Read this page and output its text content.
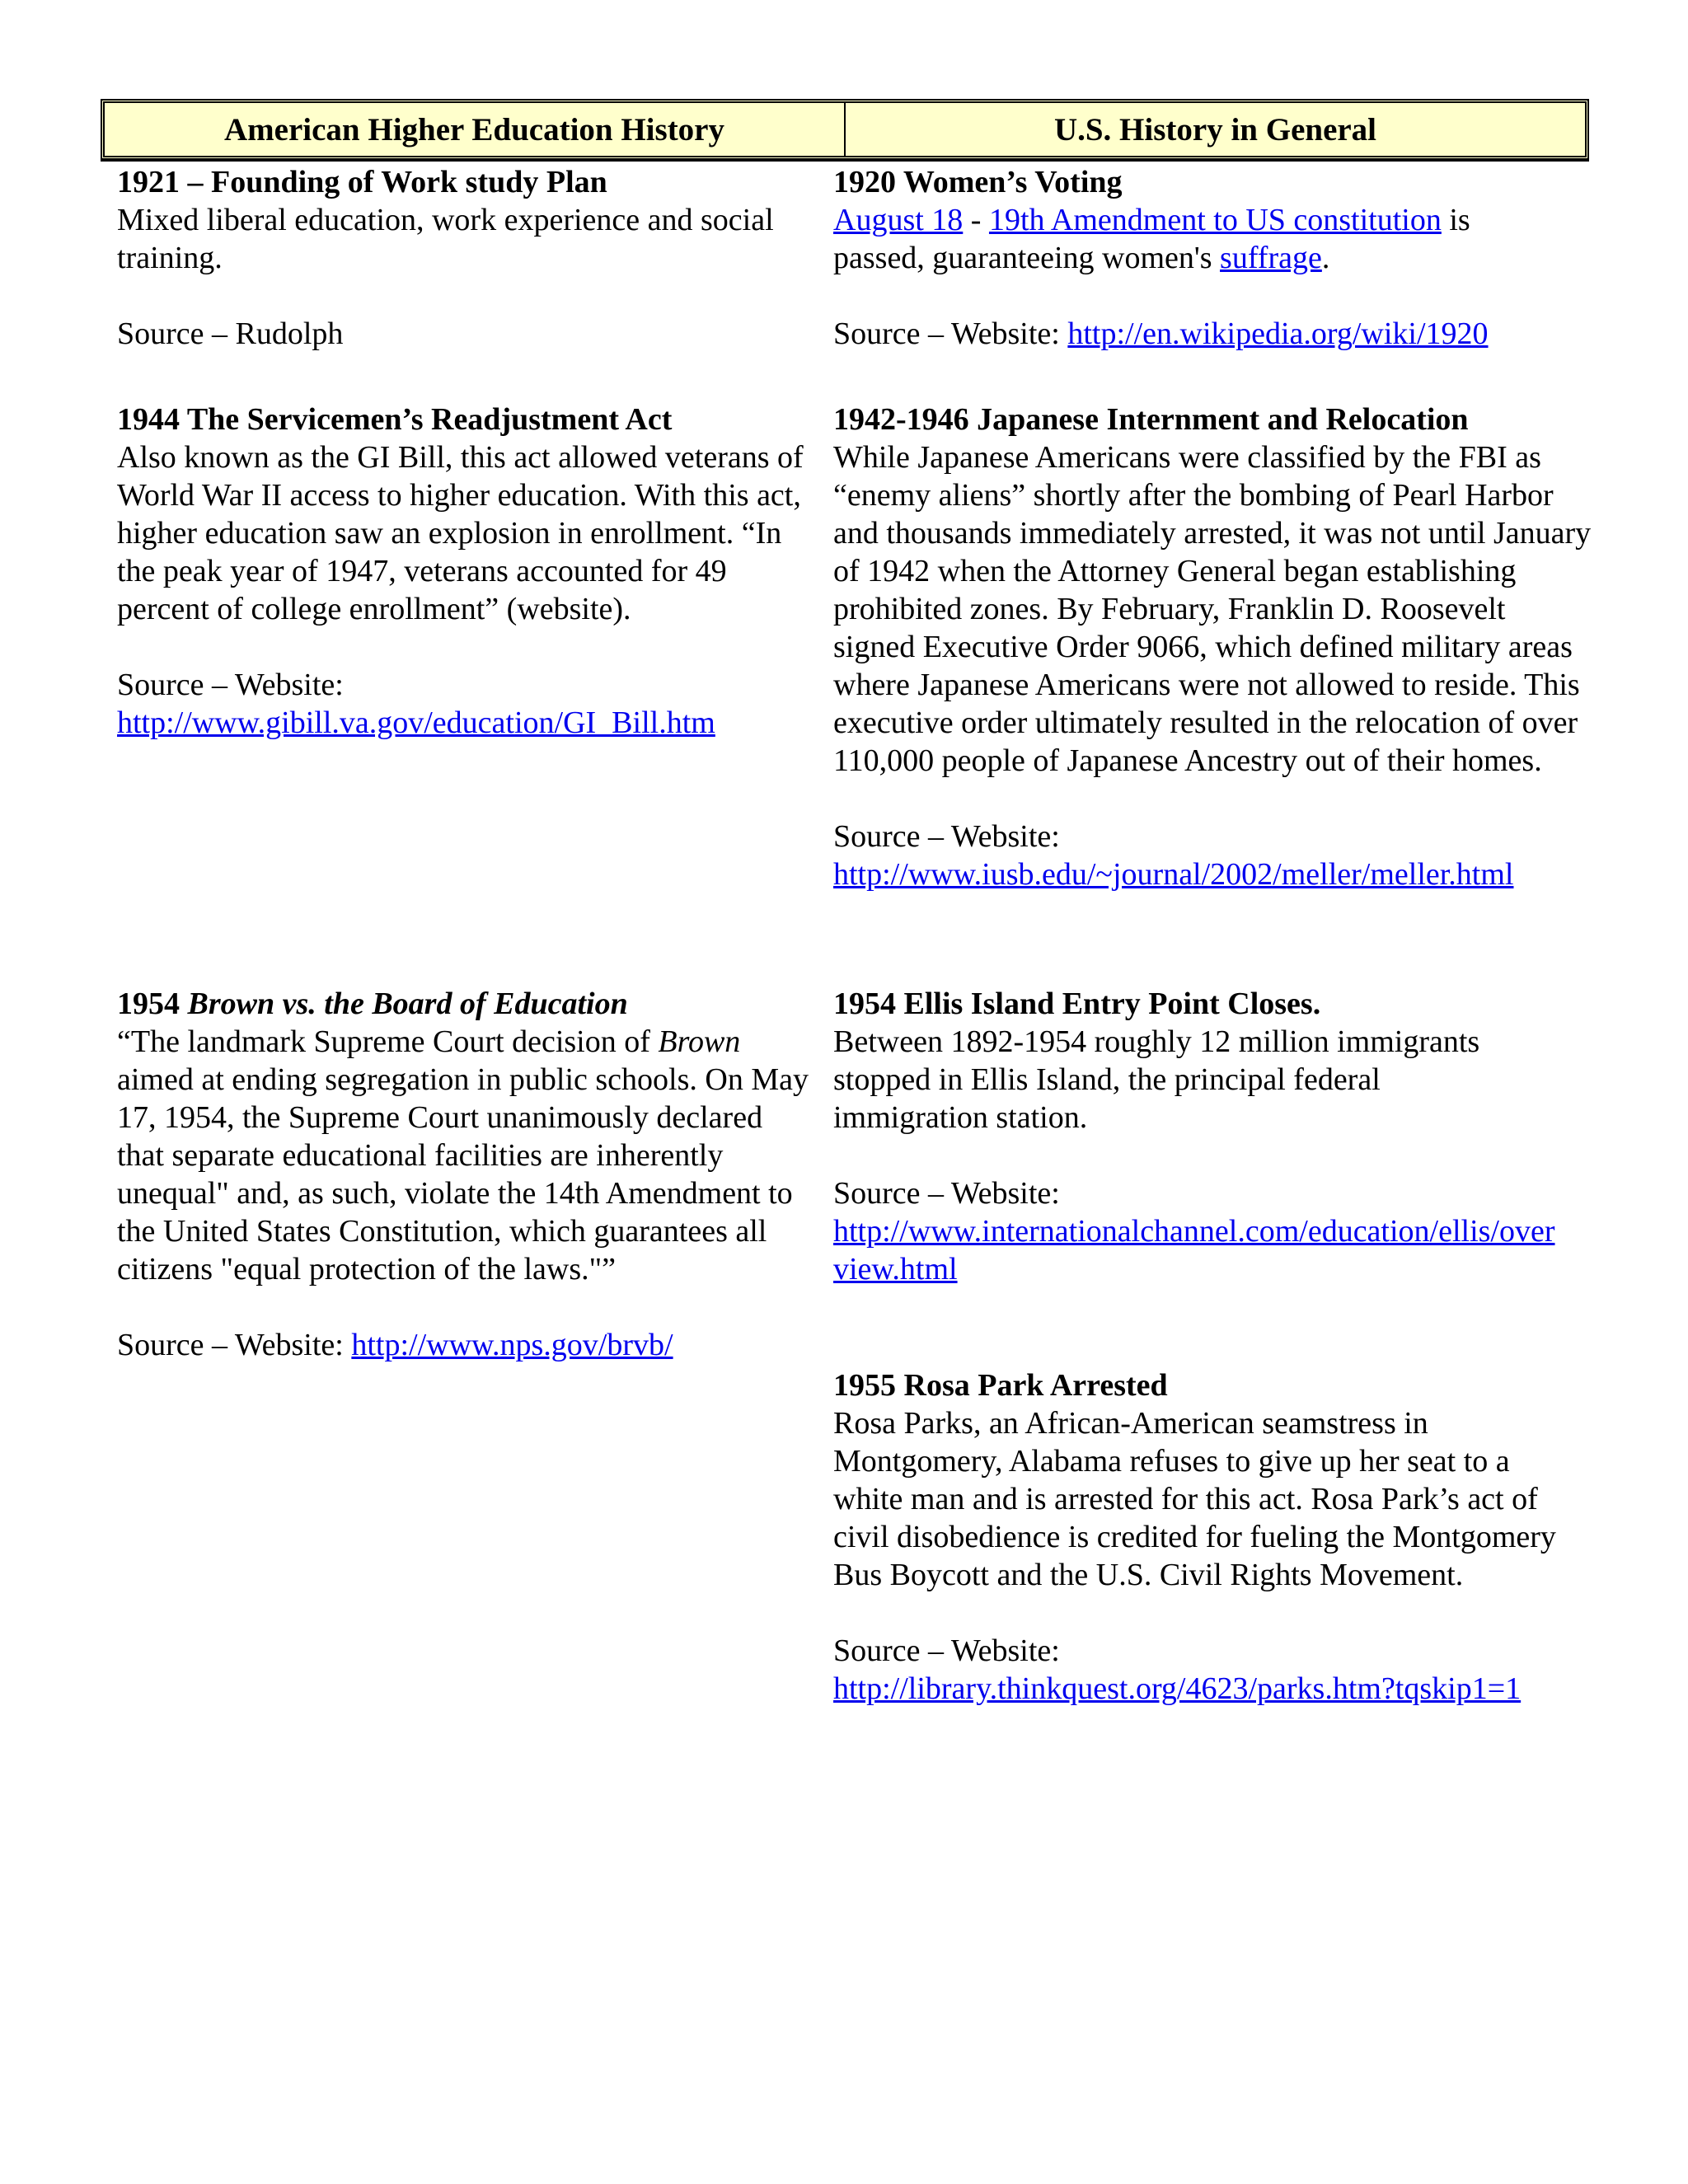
American Higher Education History	U.S. History in General
1921 – Founding of Work study Plan
Mixed liberal education, work experience and social training.
Source – Rudolph
1944 The Servicemen’s Readjustment Act
Also known as the GI Bill, this act allowed veterans of World War II access to higher education. With this act, higher education saw an explosion in enrollment. “In the peak year of 1947, veterans accounted for 49 percent of college enrollment” (website).
Source – Website:
http://www.gibill.va.gov/education/GI_Bill.htm
1954 Brown vs. the Board of Education
“The landmark Supreme Court decision of Brown aimed at ending segregation in public schools. On May 17, 1954, the Supreme Court unanimously declared that separate educational facilities are inherently unequal" and, as such, violate the 14th Amendment to the United States Constitution, which guarantees all citizens "equal protection of the laws."”
Source – Website: http://www.nps.gov/brvb/
1920 Women’s Voting
August 18 - 19th Amendment to US constitution is passed, guaranteeing women's suffrage.
Source – Website: http://en.wikipedia.org/wiki/1920
1942-1946 Japanese Internment and Relocation
While Japanese Americans were classified by the FBI as “enemy aliens” shortly after the bombing of Pearl Harbor and thousands immediately arrested, it was not until January of 1942 when the Attorney General began establishing prohibited zones. By February, Franklin D. Roosevelt signed Executive Order 9066, which defined military areas where Japanese Americans were not allowed to reside. This executive order ultimately resulted in the relocation of over 110,000 people of Japanese Ancestry out of their homes.
Source – Website:
http://www.iusb.edu/~journal/2002/meller/meller.html
1954 Ellis Island Entry Point Closes.
Between 1892-1954 roughly 12 million immigrants stopped in Ellis Island, the principal federal immigration station.
Source – Website:
http://www.internationalchannel.com/education/ellis/overview.html
1955 Rosa Park Arrested
Rosa Parks, an African-American seamstress in Montgomery, Alabama refuses to give up her seat to a white man and is arrested for this act. Rosa Park’s act of civil disobedience is credited for fueling the Montgomery Bus Boycott and the U.S. Civil Rights Movement.
Source – Website:
http://library.thinkquest.org/4623/parks.htm?tqskip1=1
